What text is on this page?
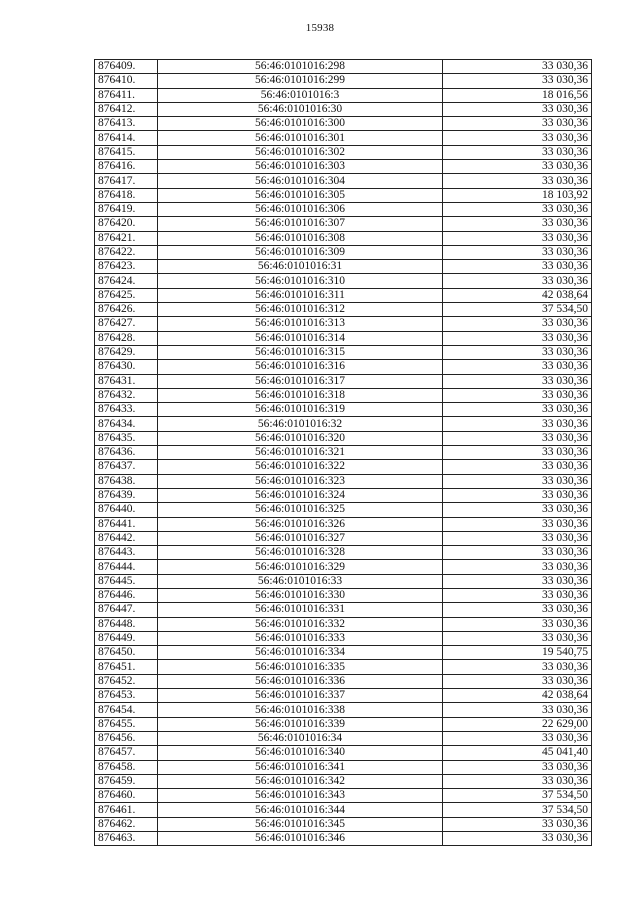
15938
876409.	56:46:0101016:298	33 030,36
876410.	56:46:0101016:299	33 030,36
876411.	56:46:0101016:3	18 016,56
876412.	56:46:0101016:30	33 030,36
876413.	56:46:0101016:300	33 030,36
876414.	56:46:0101016:301	33 030,36
876415.	56:46:0101016:302	33 030,36
876416.	56:46:0101016:303	33 030,36
876417.	56:46:0101016:304	33 030,36
876418.	56:46:0101016:305	18 103,92
876419.	56:46:0101016:306	33 030,36
876420.	56:46:0101016:307	33 030,36
876421.	56:46:0101016:308	33 030,36
876422.	56:46:0101016:309	33 030,36
876423.	56:46:0101016:31	33 030,36
876424.	56:46:0101016:310	33 030,36
876425.	56:46:0101016:311	42 038,64
876426.	56:46:0101016:312	37 534,50
876427.	56:46:0101016:313	33 030,36
876428.	56:46:0101016:314	33 030,36
876429.	56:46:0101016:315	33 030,36
876430.	56:46:0101016:316	33 030,36
876431.	56:46:0101016:317	33 030,36
876432.	56:46:0101016:318	33 030,36
876433.	56:46:0101016:319	33 030,36
876434.	56:46:0101016:32	33 030,36
876435.	56:46:0101016:320	33 030,36
876436.	56:46:0101016:321	33 030,36
876437.	56:46:0101016:322	33 030,36
876438.	56:46:0101016:323	33 030,36
876439.	56:46:0101016:324	33 030,36
876440.	56:46:0101016:325	33 030,36
876441.	56:46:0101016:326	33 030,36
876442.	56:46:0101016:327	33 030,36
876443.	56:46:0101016:328	33 030,36
876444.	56:46:0101016:329	33 030,36
876445.	56:46:0101016:33	33 030,36
876446.	56:46:0101016:330	33 030,36
876447.	56:46:0101016:331	33 030,36
876448.	56:46:0101016:332	33 030,36
876449.	56:46:0101016:333	33 030,36
876450.	56:46:0101016:334	19 540,75
876451.	56:46:0101016:335	33 030,36
876452.	56:46:0101016:336	33 030,36
876453.	56:46:0101016:337	42 038,64
876454.	56:46:0101016:338	33 030,36
876455.	56:46:0101016:339	22 629,00
876456.	56:46:0101016:34	33 030,36
876457.	56:46:0101016:340	45 041,40
876458.	56:46:0101016:341	33 030,36
876459.	56:46:0101016:342	33 030,36
876460.	56:46:0101016:343	37 534,50
876461.	56:46:0101016:344	37 534,50
876462.	56:46:0101016:345	33 030,36
876463.	56:46:0101016:346	33 030,36
